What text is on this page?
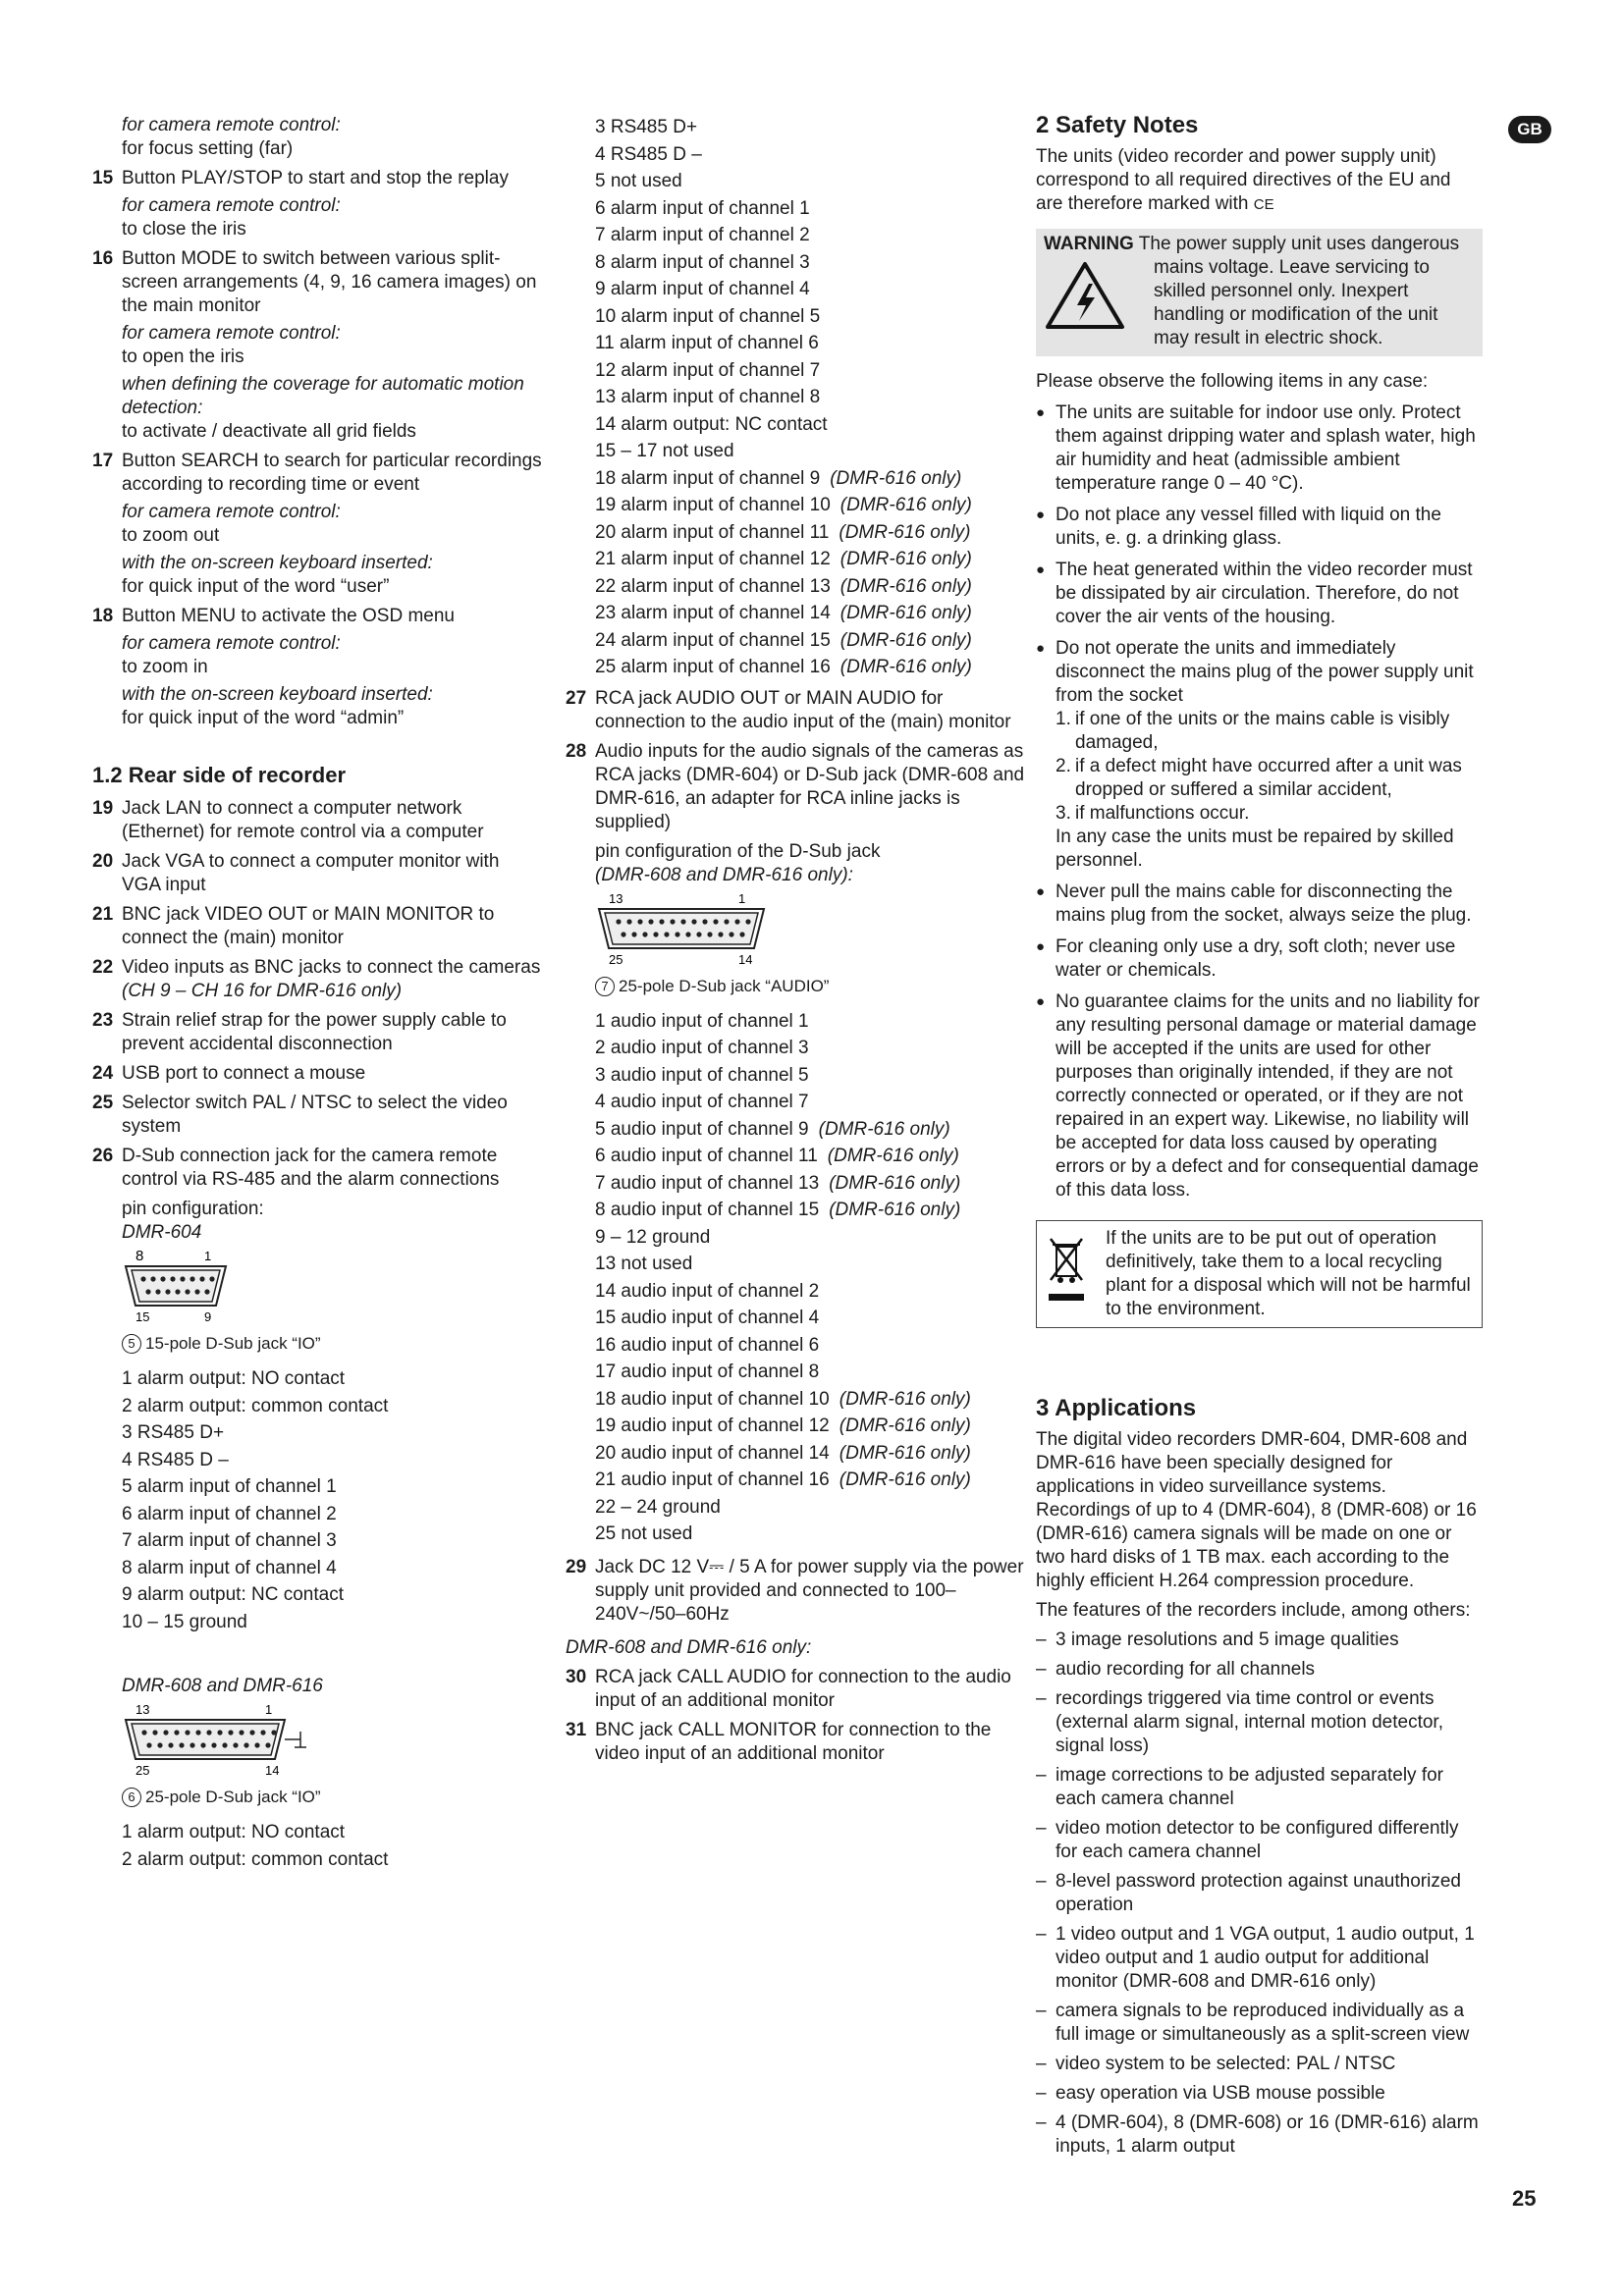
GB
for camera remote control:
for focus setting (far)
15 Button PLAY/STOP to start and stop the replay
for camera remote control:
to close the iris
16 Button MODE to switch between various split-screen arrangements (4, 9, 16 camera images) on the main monitor
for camera remote control:
to open the iris
when defining the coverage for automatic motion detection:
to activate / deactivate all grid fields
17 Button SEARCH to search for particular recordings according to recording time or event
for camera remote control:
to zoom out
with the on-screen keyboard inserted:
for quick input of the word “user”
18 Button MENU to activate the OSD menu
for camera remote control:
to zoom in
with the on-screen keyboard inserted:
for quick input of the word “admin”
1.2 Rear side of recorder
19 Jack LAN to connect a computer network (Ethernet) for remote control via a computer
20 Jack VGA to connect a computer monitor with VGA input
21 BNC jack VIDEO OUT or MAIN MONITOR to connect the (main) monitor
22 Video inputs as BNC jacks to connect the cameras (CH 9 – CH 16 for DMR-616 only)
23 Strain relief strap for the power supply cable to prevent accidental disconnection
24 USB port to connect a mouse
25 Selector switch PAL / NTSC to select the video system
26 D-Sub connection jack for the camera remote control via RS-485 and the alarm connections
pin configuration:
DMR-604
8	1
15	9
5 15-pole D-Sub jack “IO”
1 alarm output: NO contact
2 alarm output: common contact
3 RS485 D+
4 RS485 D –
5 alarm input of channel 1
6 alarm input of channel 2
7 alarm input of channel 3
8 alarm input of channel 4
9 alarm output: NC contact
10 – 15 ground
DMR-608 and DMR-616
13	1
25	14
6 25-pole D-Sub jack “IO”
1 alarm output: NO contact
2 alarm output: common contact
3 RS485 D+
4 RS485 D –
5 not used
6 alarm input of channel 1
7 alarm input of channel 2
8 alarm input of channel 3
9 alarm input of channel 4
10 alarm input of channel 5
11 alarm input of channel 6
12 alarm input of channel 7
13 alarm input of channel 8
14 alarm output: NC contact
15 – 17 not used
18 alarm input of channel 9 (DMR-616 only)
19 alarm input of channel 10 (DMR-616 only)
20 alarm input of channel 11 (DMR-616 only)
21 alarm input of channel 12 (DMR-616 only)
22 alarm input of channel 13 (DMR-616 only)
23 alarm input of channel 14 (DMR-616 only)
24 alarm input of channel 15 (DMR-616 only)
25 alarm input of channel 16 (DMR-616 only)
27 RCA jack AUDIO OUT or MAIN AUDIO for connection to the audio input of the (main) monitor
28 Audio inputs for the audio signals of the cameras as RCA jacks (DMR-604) or D-Sub jack (DMR-608 and DMR-616, an adapter for RCA inline jacks is supplied)
pin configuration of the D-Sub jack
(DMR-608 and DMR-616 only):
13	1
25	14
7 25-pole D-Sub jack “AUDIO”
1 audio input of channel 1
2 audio input of channel 3
3 audio input of channel 5
4 audio input of channel 7
5 audio input of channel 9 (DMR-616 only)
6 audio input of channel 11 (DMR-616 only)
7 audio input of channel 13 (DMR-616 only)
8 audio input of channel 15 (DMR-616 only)
9 – 12 ground
13 not used
14 audio input of channel 2
15 audio input of channel 4
16 audio input of channel 6
17 audio input of channel 8
18 audio input of channel 10 (DMR-616 only)
19 audio input of channel 12 (DMR-616 only)
20 audio input of channel 14 (DMR-616 only)
21 audio input of channel 16 (DMR-616 only)
22 – 24 ground
25 not used
29 Jack DC 12 V⎓ / 5 A for power supply via the power supply unit provided and connected to 100–240V~/50–60Hz
DMR-608 and DMR-616 only:
30 RCA jack CALL AUDIO for connection to the audio input of an additional monitor
31 BNC jack CALL MONITOR for connection to the video input of an additional monitor
2 Safety Notes
The units (video recorder and power supply unit) correspond to all required directives of the EU and are therefore marked with CE
WARNING The power supply unit uses dangerous mains voltage. Leave servicing to skilled personnel only. Inexpert handling or modification of the unit may result in electric shock.
Please observe the following items in any case:
● The units are suitable for indoor use only. Protect them against dripping water and splash water, high air humidity and heat (admissible ambient temperature range 0 – 40 °C).
● Do not place any vessel filled with liquid on the units, e. g. a drinking glass.
● The heat generated within the video recorder must be dissipated by air circulation. Therefore, do not cover the air vents of the housing.
● Do not operate the units and immediately disconnect the mains plug of the power supply unit from the socket
1. if one of the units or the mains cable is visibly damaged,
2. if a defect might have occurred after a unit was dropped or suffered a similar accident,
3. if malfunctions occur.
In any case the units must be repaired by skilled personnel.
● Never pull the mains cable for disconnecting the mains plug from the socket, always seize the plug.
● For cleaning only use a dry, soft cloth; never use water or chemicals.
● No guarantee claims for the units and no liability for any resulting personal damage or material damage will be accepted if the units are used for other purposes than originally intended, if they are not correctly connected or operated, or if they are not repaired in an expert way. Likewise, no liability will be accepted for data loss caused by operating errors or by a defect and for consequential damage of this data loss.
If the units are to be put out of operation definitively, take them to a local recycling plant for a disposal which will not be harmful to the environment.
3 Applications
The digital video recorders DMR-604, DMR-608 and DMR-616 have been specially designed for applications in video surveillance systems. Recordings of up to 4 (DMR-604), 8 (DMR-608) or 16 (DMR-616) camera signals will be made on one or two hard disks of 1 TB max. each according to the highly efficient H.264 compression procedure.
The features of the recorders include, among others:
– 3 image resolutions and 5 image qualities
– audio recording for all channels
– recordings triggered via time control or events (external alarm signal, internal motion detector, signal loss)
– image corrections to be adjusted separately for each camera channel
– video motion detector to be configured differently for each camera channel
– 8-level password protection against unauthorized operation
– 1 video output and 1 VGA output, 1 audio output, 1 video output and 1 audio output for additional monitor (DMR-608 and DMR-616 only)
– camera signals to be reproduced individually as a full image or simultaneously as a split-screen view
– video system to be selected: PAL / NTSC
– easy operation via USB mouse possible
– 4 (DMR-604), 8 (DMR-608) or 16 (DMR-616) alarm inputs, 1 alarm output
25
